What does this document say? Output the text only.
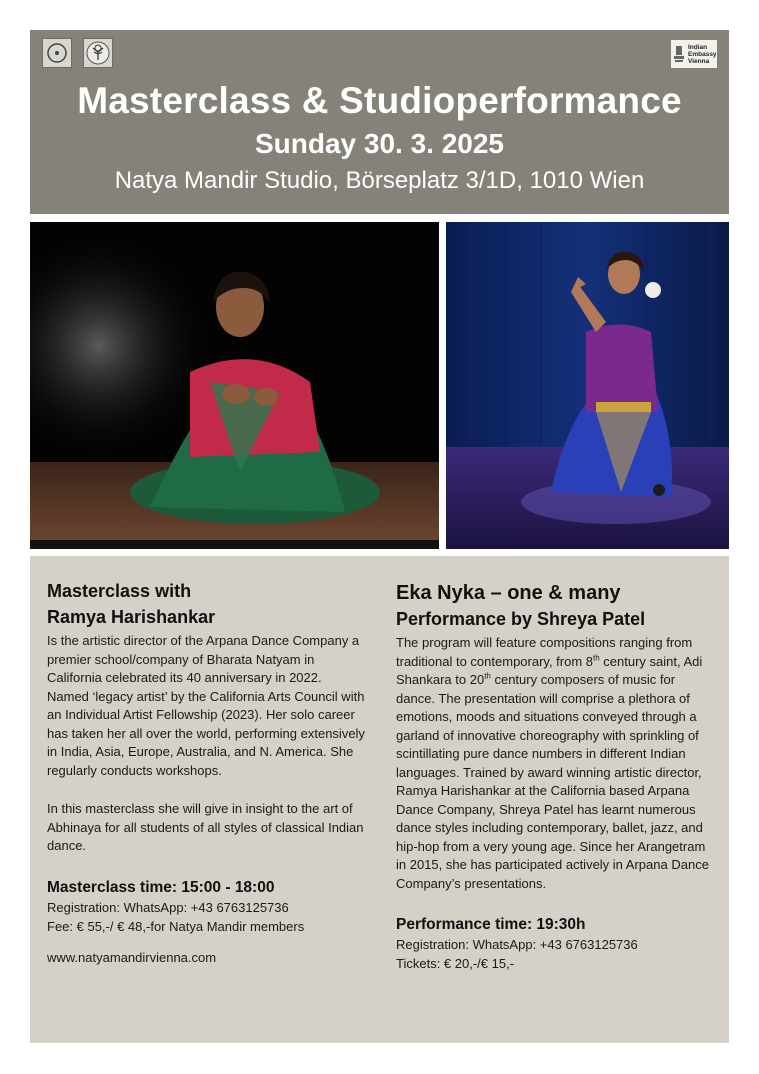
Indian
Embassy
Vienna
Masterclass & Studioperformance
Sunday 30. 3. 2025
Natya Mandir Studio, Börseplatz 3/1D, 1010 Wien
Masterclass with
Ramya Harishankar
Is the artistic director of the Arpana Dance Company a premier school/company of Bharata Natyam in California celebrated its 40 anniversary in 2022. Named ‘legacy artist’ by the California Arts Council with an Individual Artist Fellowship (2023). Her solo career has taken her all over the world, performing extensively in India, Asia, Europe, Australia, and N. America. She regularly conducts workshops.
In this masterclass she will give in insight to the art of Abhinaya for all students of all styles of classical Indian dance.
Masterclass time: 15:00 - 18:00
Registration: WhatsApp: +43 6763125736
Fee: € 55,-/ € 48,-for Natya Mandir members
www.natyamandirvienna.com
Eka Nyka – one & many
Performance by Shreya Patel
The program will feature compositions ranging from traditional to contemporary, from 8th century saint, Adi Shankara to 20th century composers of music for dance. The presentation will comprise a plethora of emotions, moods and situations conveyed through a garland of innovative choreography with sprinkling of scintillating pure dance numbers in different Indian languages. Trained by award winning artistic director, Ramya Harishankar at the California based Arpana Dance Company, Shreya Patel has learnt numerous dance styles including contemporary, ballet, jazz, and hip-hop from a very young age. Since her Arangetram in 2015, she has participated actively in Arpana Dance Company’s presentations.
Performance time: 19:30h
Registration: WhatsApp: +43 6763125736
Tickets: € 20,-/€ 15,-
